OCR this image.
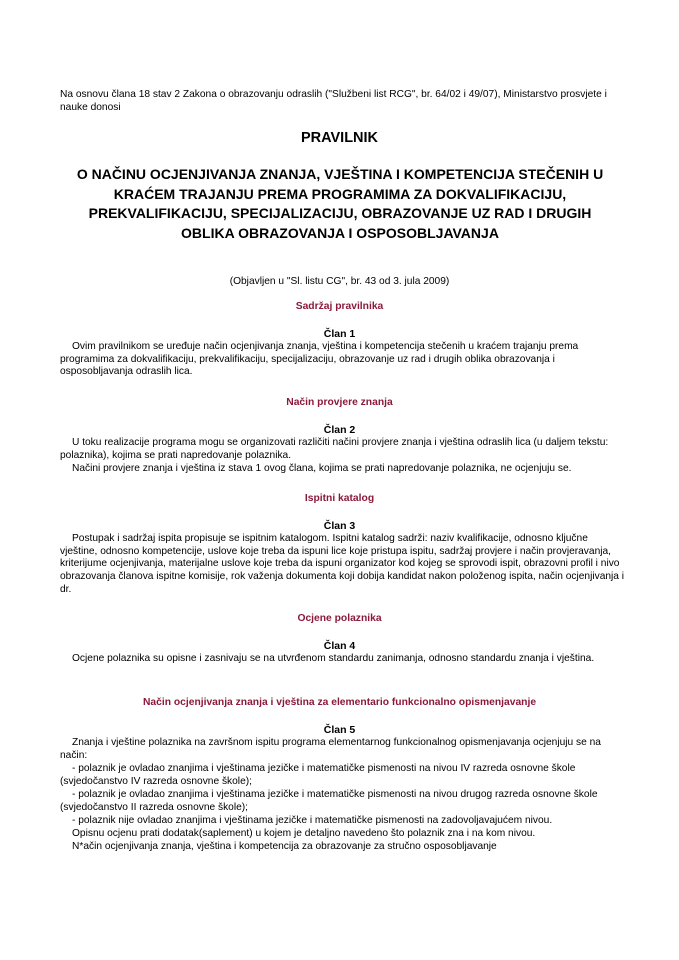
Na osnovu člana 18 stav 2 Zakona o obrazovanju odraslih ("Službeni list RCG", br. 64/02 i 49/07), Ministarstvo prosvjete i nauke donosi
PRAVILNIK
O NAČINU OCJENJIVANJA ZNANJA, VJEŠTINA I KOMPETENCIJA STEČENIH U KRAĆEM TRAJANJU PREMA PROGRAMIMA ZA DOKVALIFIKACIJU, PREKVALIFIKACIJU, SPECIJALIZACIJU, OBRAZOVANJE UZ RAD I DRUGIH OBLIKA OBRAZOVANJA I OSPOSOBLJAVANJA
(Objavljen u "Sl. listu CG", br. 43 od 3. jula 2009)
Sadržaj pravilnika
Član 1
Ovim pravilnikom se uređuje način ocjenjivanja znanja, vještina i kompetencija stečenih u kraćem trajanju prema programima za dokvalifikaciju, prekvalifikaciju, specijalizaciju, obrazovanje uz rad i drugih oblika obrazovanja i osposobljavanja odraslih lica.
Način provjere znanja
Član 2
U toku realizacije programa mogu se organizovati različiti načini provjere znanja i vještina odraslih lica (u daljem tekstu: polaznika), kojima se prati napredovanje polaznika.
Načini provjere znanja i vještina iz stava 1 ovog člana, kojima se prati napredovanje polaznika, ne ocjenjuju se.
Ispitni katalog
Član 3
Postupak i sadržaj ispita propisuje se ispitnim katalogom. Ispitni katalog sadrži: naziv kvalifikacije, odnosno ključne vještine, odnosno kompetencije, uslove koje treba da ispuni lice koje pristupa ispitu, sadržaj provjere i način provjeravanja, kriterijume ocjenjivanja, materijalne uslove koje treba da ispuni organizator kod kojeg se sprovodi ispit, obrazovni profil i nivo obrazovanja članova ispitne komisije, rok važenja dokumenta koji dobija kandidat nakon položenog ispita, način ocjenjivanja i dr.
Ocjene polaznika
Član 4
Ocjene polaznika su opisne i zasnivaju se na utvrđenom standardu zanimanja, odnosno standardu znanja i vještina.
Način ocjenjivanja znanja i vještina za elementario funkcionalno opismenjavanje
Član 5
Znanja i vještine polaznika na završnom ispitu programa elementarnog funkcionalnog opismenjavanja ocjenjuju se na način:
- polaznik je ovladao znanjima i vještinama jezičke i matematičke pismenosti na nivou IV razreda osnovne škole (svjedočanstvo IV razreda osnovne škole);
- polaznik je ovladao znanjima i vještinama jezičke i matematičke pismenosti na nivou drugog razreda osnovne škole (svjedočanstvo II razreda osnovne škole);
- polaznik nije ovladao znanjima i vještinama jezičke i matematičke pismenosti na zadovoljavajućem nivou.
Opisnu ocjenu prati dodatak(saplement) u kojem je detaljno navedeno što polaznik zna i na kom nivou.
N*ačin ocjenjivanja znanja, vještina i kompetencija za obrazovanje za stručno osposobljavanje
